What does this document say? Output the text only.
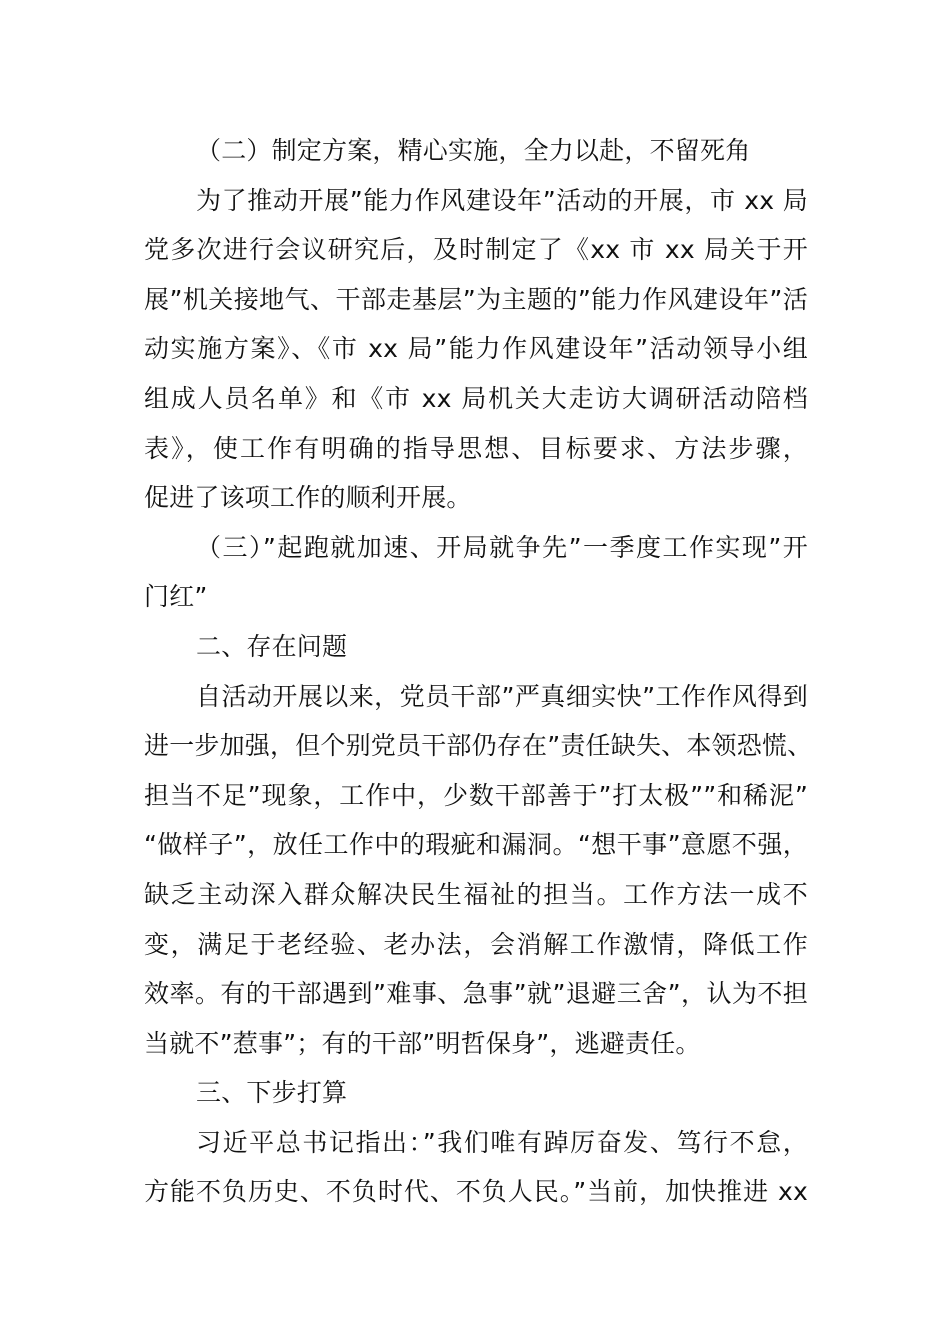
（二）制定方案，精心实施，全力以赴，不留死角
为了推动开展”能力作风建设年”活动的开展，市 xx 局
党多次进行会议研究后，及时制定了《xx 市 xx 局关于开
展”机关接地气、干部走基层”为主题的”能力作风建设年”活
动实施方案》、《市 xx 局”能力作风建设年”活动领导小组
组成人员名单》和《市 xx 局机关大走访大调研活动陪档
表》，使工作有明确的指导思想、目标要求、方法步骤，
促进了该项工作的顺利开展。
（三）”起跑就加速、开局就争先”一季度工作实现”开
门红”
二、存在问题
自活动开展以来，党员干部”严真细实快”工作作风得到
进一步加强，但个别党员干部仍存在”责任缺失、本领恐慌、
担当不足”现象，工作中，少数干部善于”打太极””和稀泥”
“做样子”，放任工作中的瑕疵和漏洞。“想干事”意愿不强，
缺乏主动深入群众解决民生福祉的担当。工作方法一成不
变，满足于老经验、老办法，会消解工作激情，降低工作
效率。有的干部遇到”难事、急事”就”退避三舍”，认为不担
当就不”惹事”；有的干部”明哲保身”，逃避责任。
三、下步打算
习近平总书记指出：”我们唯有踔厉奋发、笃行不怠，
方能不负历史、不负时代、不负人民。”当前，加快推进 xx
